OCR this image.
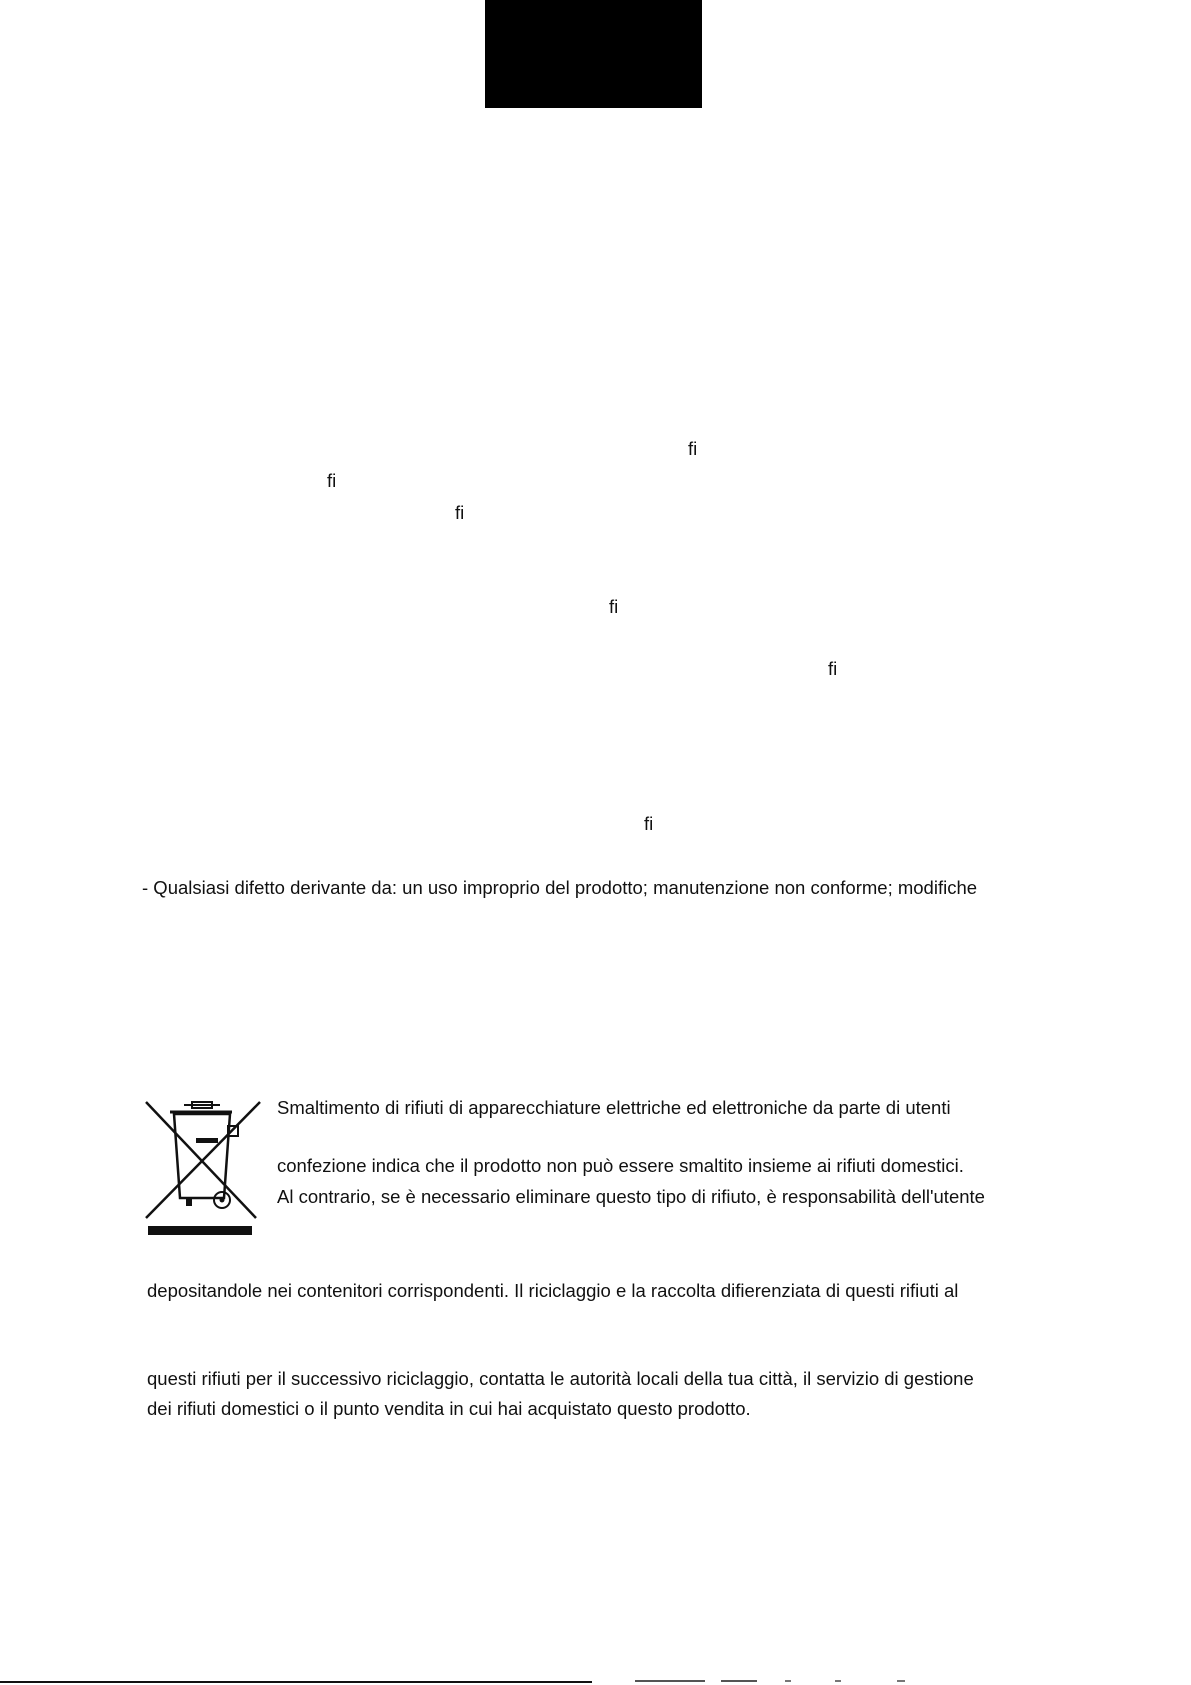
ﬁ
ﬁ
ﬁ
ﬁ
ﬁ
ﬁ
- Qualsiasi difetto derivante da: un uso improprio del prodotto; manutenzione non conforme; modifiche
Smaltimento di rifiuti di apparecchiature elettriche ed elettroniche da parte di utenti
confezione indica che il prodotto non può essere smaltito insieme ai rifiuti domestici.
Al contrario, se è necessario eliminare questo tipo di rifiuto, è responsabilità dell'utente
depositandole nei contenitori corrispondenti. Il riciclaggio e la raccolta difierenziata di questi rifiuti al
questi rifiuti per il successivo riciclaggio, contatta le autorità locali della tua città, il servizio di gestione
dei rifiuti domestici o il punto vendita in cui hai acquistato questo prodotto.
